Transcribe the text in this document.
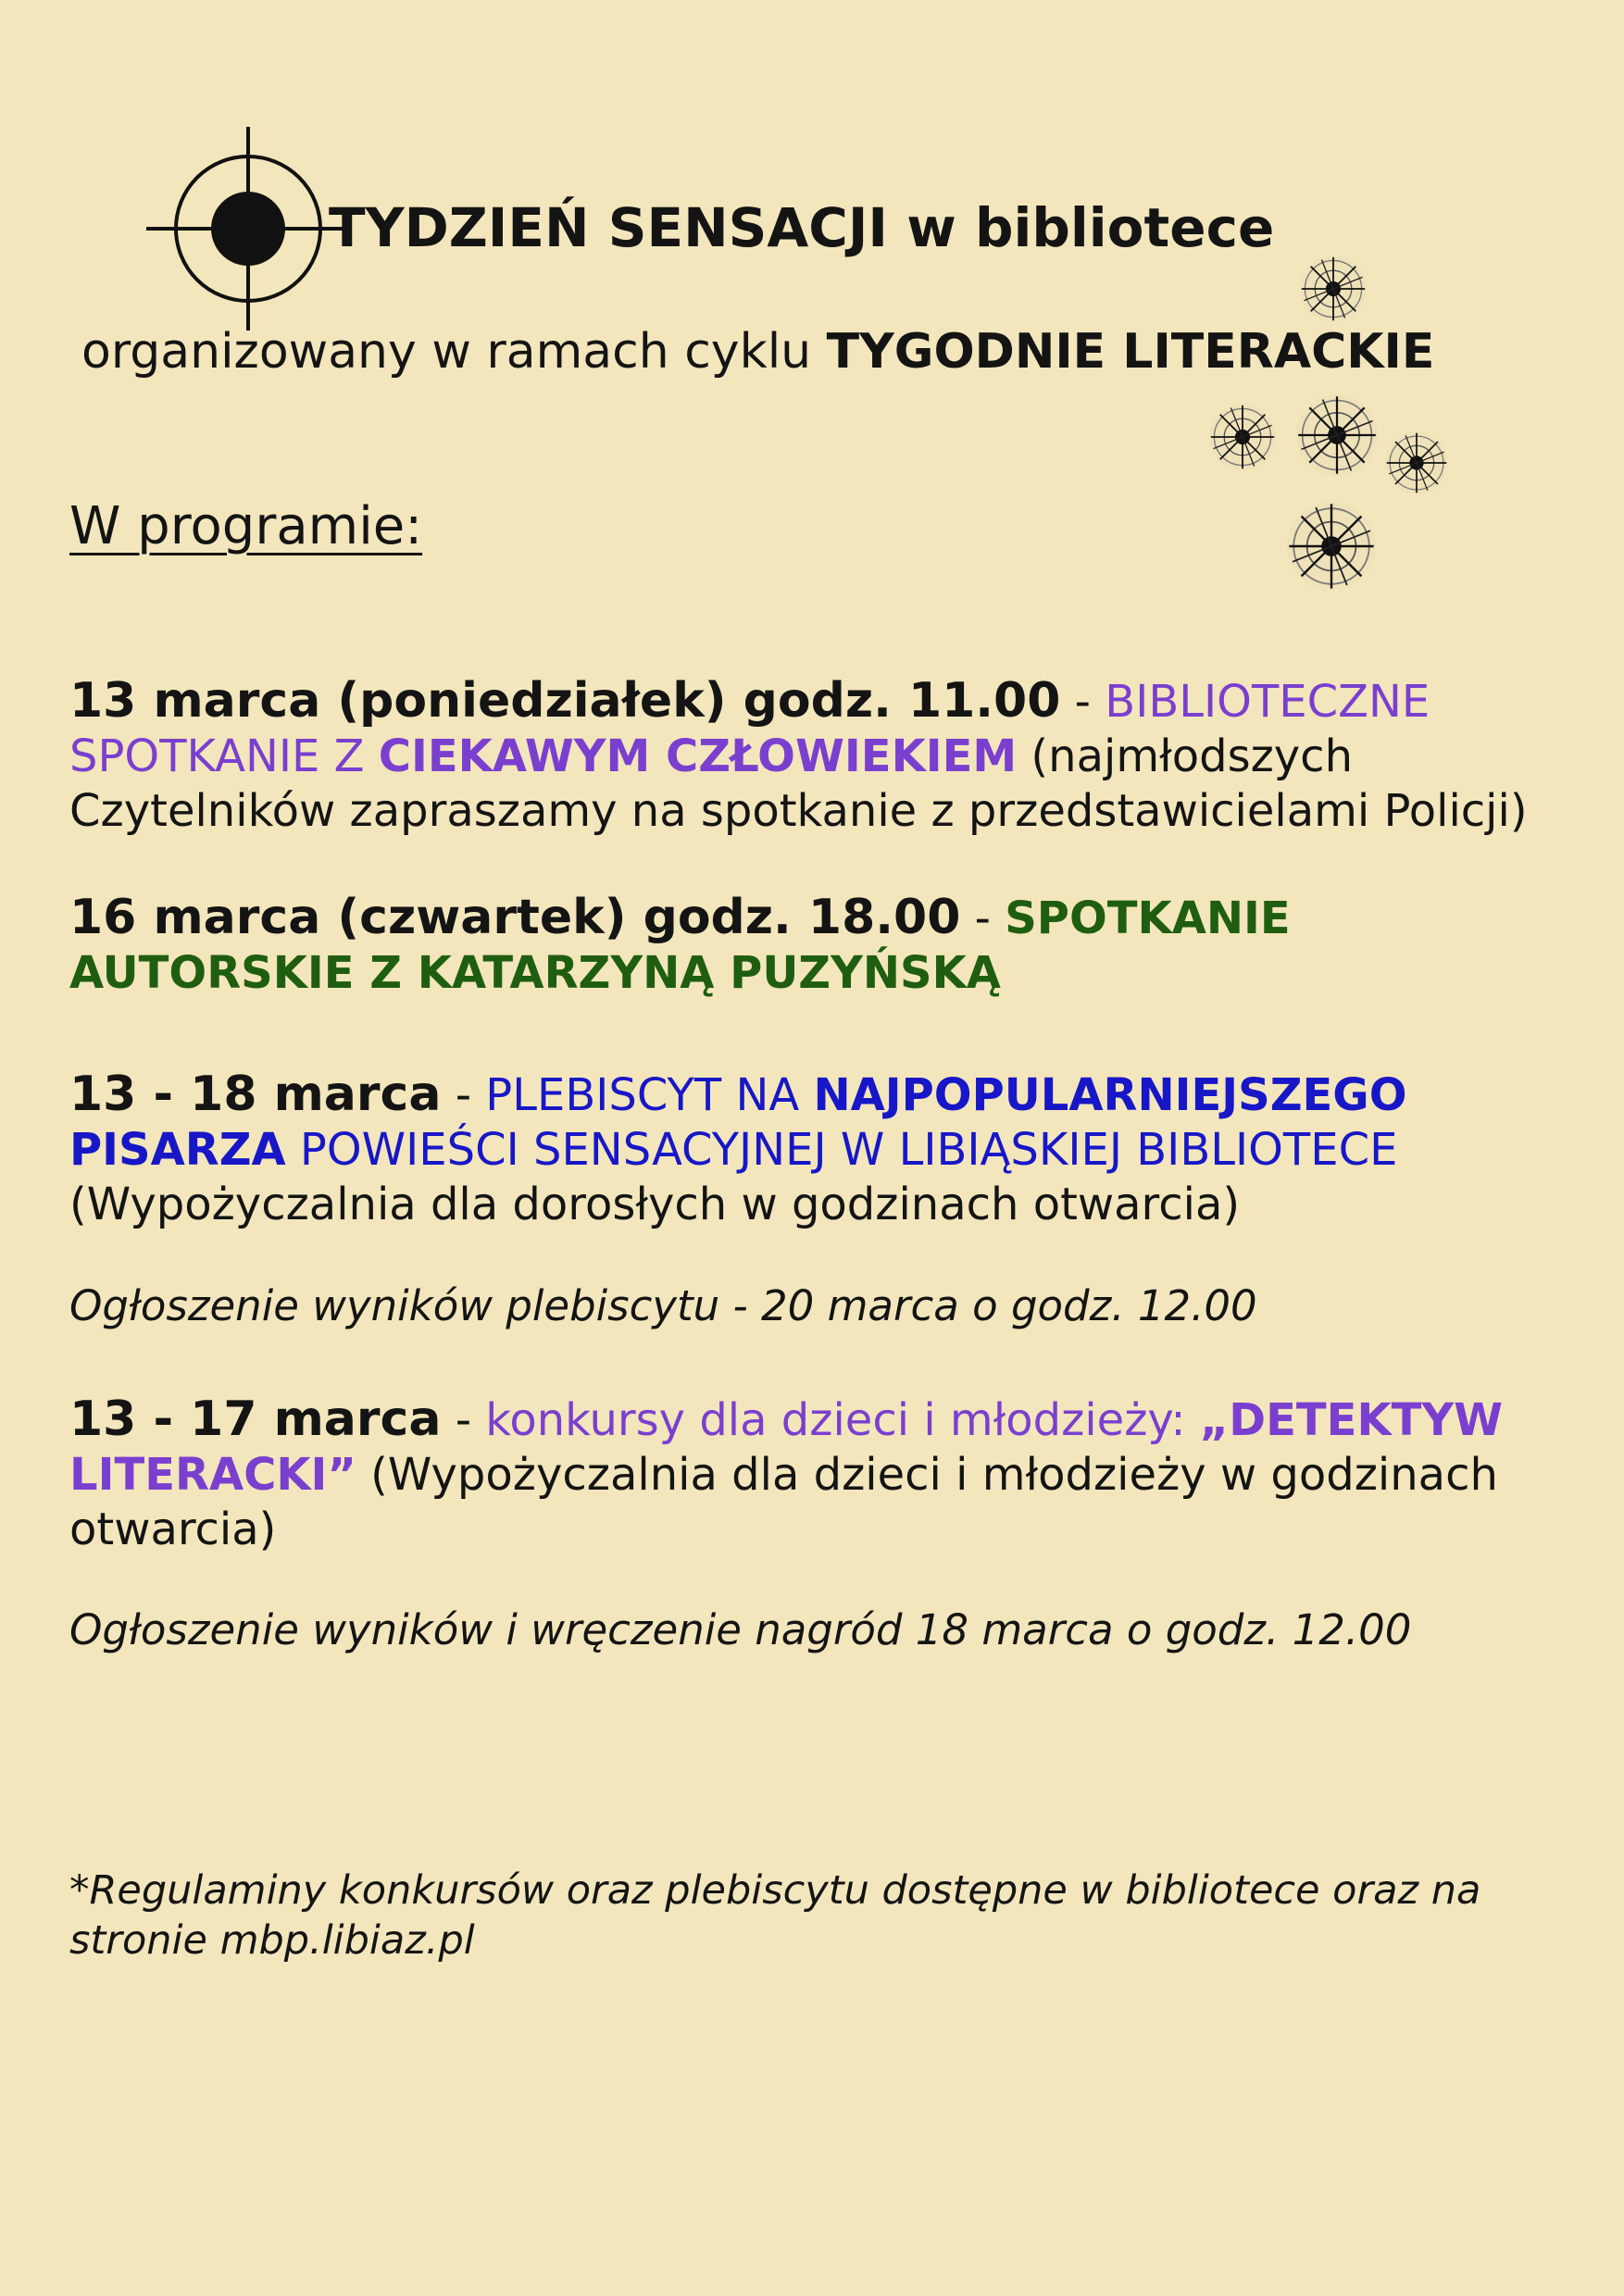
TYDZIEŃ SENSACJI w bibliotece
organizowany w ramach cyklu TYGODNIE LITERACKIE
W programie:
13 marca (poniedziałek) godz. 11.00 - BIBLIOTECZNE SPOTKANIE Z CIEKAWYM CZŁOWIEKIEM (najmłodszych Czytelników zapraszamy na spotkanie z przedstawicielami Policji)
16 marca (czwartek) godz. 18.00 - SPOTKANIE AUTORSKIE Z KATARZYNĄ PUZYŃSKĄ
13 - 18 marca - PLEBISCYT NA NAJPOPULARNIEJSZEGO PISARZA POWIEŚCI SENSACYJNEJ W LIBIĄSKIEJ BIBLIOTECE (Wypożyczalnia dla dorosłych w godzinach otwarcia)
Ogłoszenie wyników plebiscytu - 20 marca o godz. 12.00
13 - 17 marca - konkursy dla dzieci i młodzieży: „DETEKTYW LITERACKI” (Wypożyczalnia dla dzieci i młodzieży w godzinach otwarcia)
Ogłoszenie wyników i wręczenie nagród 18 marca o godz. 12.00
*Regulaminy konkursów oraz plebiscytu dostępne w bibliotece oraz na stronie mbp.libiaz.pl
